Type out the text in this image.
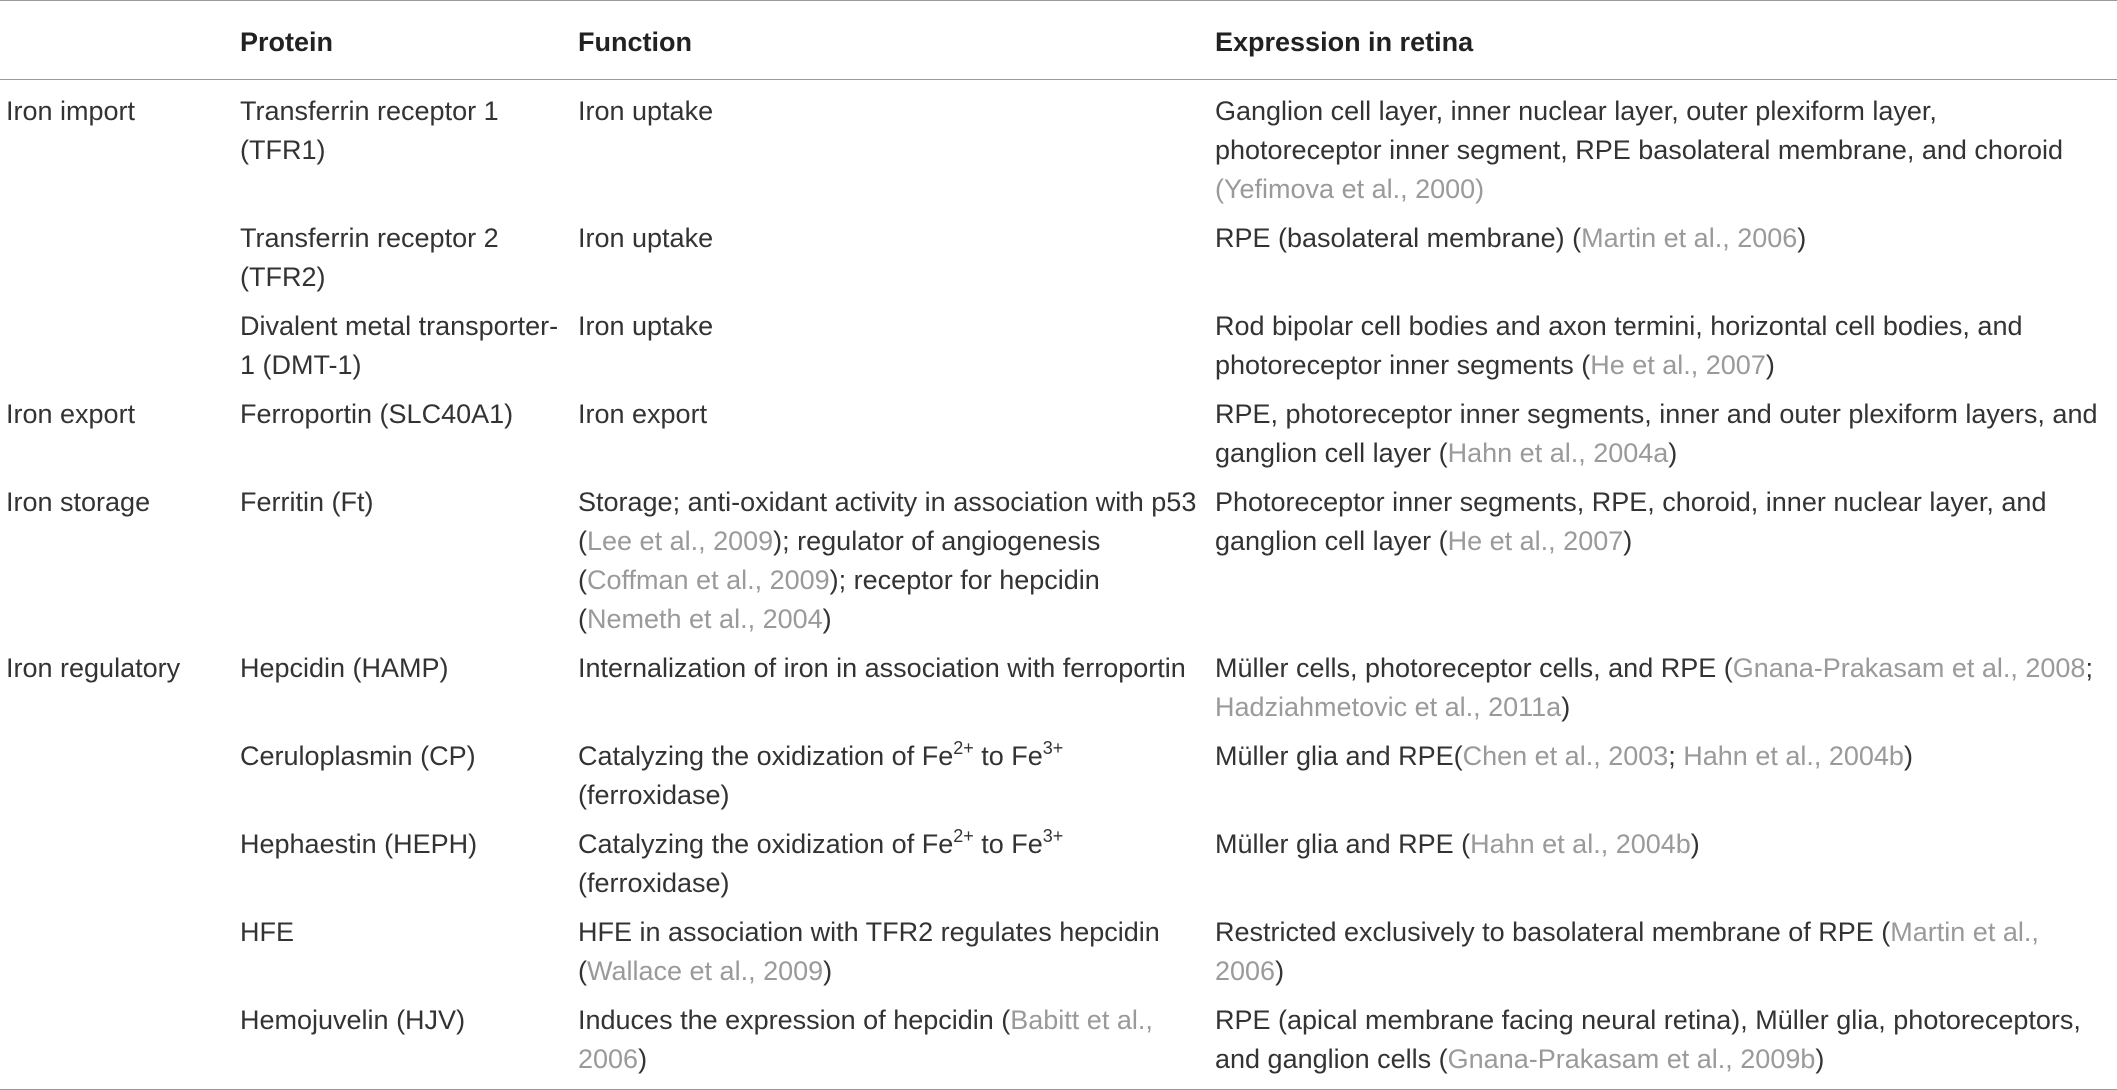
	Protein	Function	Expression in retina
Iron import	Transferrin receptor 1 (TFR1)	Iron uptake	Ganglion cell layer, inner nuclear layer, outer plexiform layer, photoreceptor inner segment, RPE basolateral membrane, and choroid (Yefimova et al., 2000)
	Transferrin receptor 2 (TFR2)	Iron uptake	RPE (basolateral membrane) (Martin et al., 2006)
	Divalent metal transporter-1 (DMT-1)	Iron uptake	Rod bipolar cell bodies and axon termini, horizontal cell bodies, and photoreceptor inner segments (He et al., 2007)
Iron export	Ferroportin (SLC40A1)	Iron export	RPE, photoreceptor inner segments, inner and outer plexiform layers, and ganglion cell layer (Hahn et al., 2004a)
Iron storage	Ferritin (Ft)	Storage; anti-oxidant activity in association with p53 (Lee et al., 2009); regulator of angiogenesis (Coffman et al., 2009); receptor for hepcidin (Nemeth et al., 2004)	Photoreceptor inner segments, RPE, choroid, inner nuclear layer, and ganglion cell layer (He et al., 2007)
Iron regulatory	Hepcidin (HAMP)	Internalization of iron in association with ferroportin	Müller cells, photoreceptor cells, and RPE (Gnana-Prakasam et al., 2008; Hadziahmetovic et al., 2011a)
	Ceruloplasmin (CP)	Catalyzing the oxidization of $Fe^{2+}$ to $Fe^{3+}$ (ferroxidase)	Müller glia and RPE(Chen et al., 2003; Hahn et al., 2004b)
	Hephaestin (HEPH)	Catalyzing the oxidization of $Fe^{2+}$ to $Fe^{3+}$ (ferroxidase)	Müller glia and RPE (Hahn et al., 2004b)
	HFE	HFE in association with TFR2 regulates hepcidin (Wallace et al., 2009)	Restricted exclusively to basolateral membrane of RPE (Martin et al., 2006)
	Hemojuvelin (HJV)	Induces the expression of hepcidin (Babitt et al., 2006)	RPE (apical membrane facing neural retina), Müller glia, photoreceptors, and ganglion cells (Gnana-Prakasam et al., 2009b)
